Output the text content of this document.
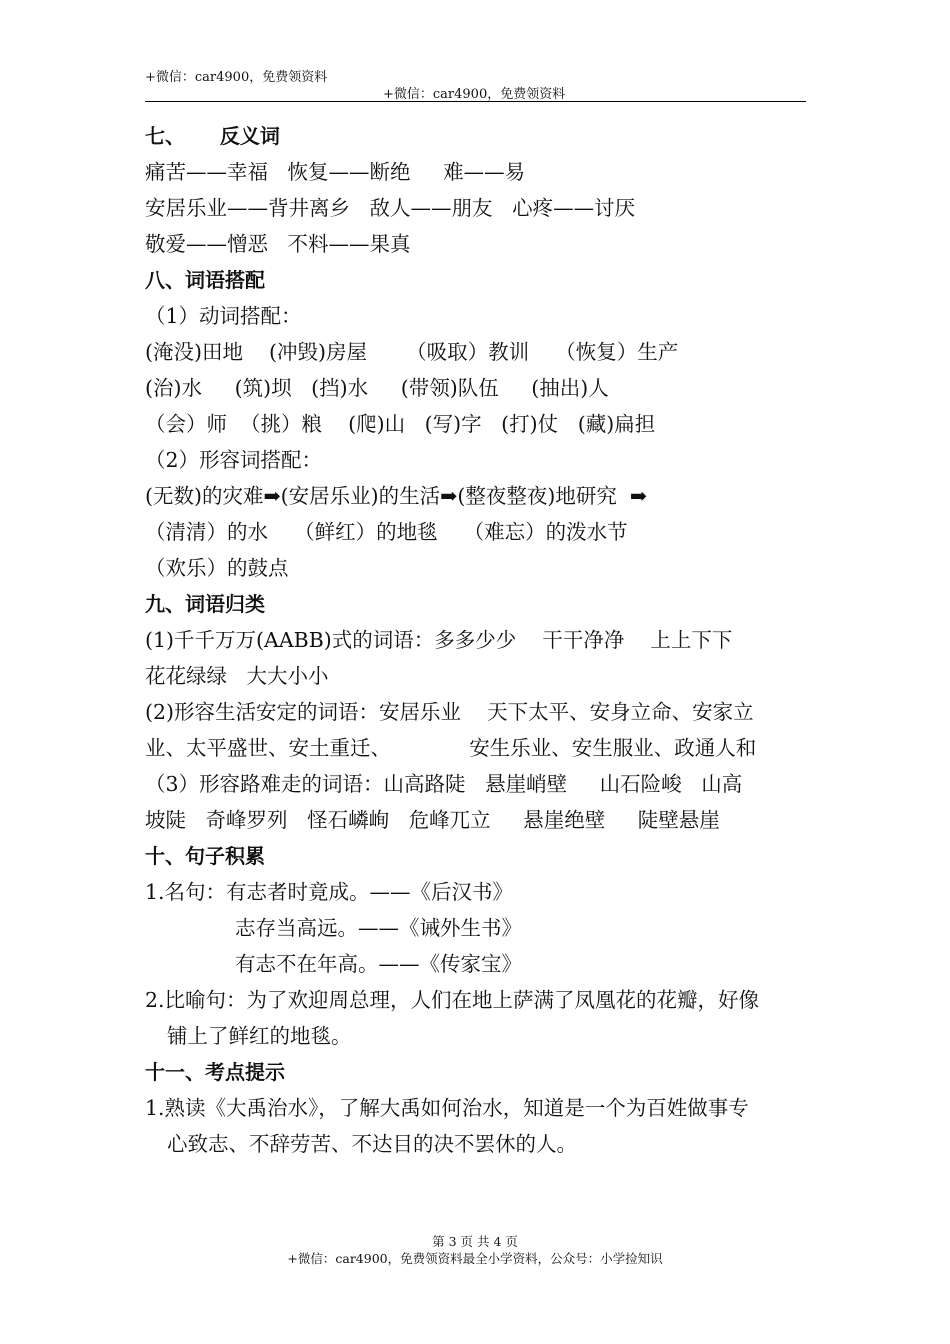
+微信：car4900，免费领资料
+微信：car4900，免费领资料
七、     反义词
痛苦——幸福   恢复——断绝     难——易
安居乐业——背井离乡   敌人——朋友   心疼——讨厌
敬爱——憎恶   不料——果真
八、词语搭配
（1）动词搭配：
(淹没)田地    (冲毁)房屋      （吸取）教训    （恢复）生产
(治)水     (筑)坝   (挡)水     (带领)队伍     (抽出)人
（会）师  （挑）粮    (爬)山   (写)字   (打)仗   (藏)扁担
（2）形容词搭配：
(无数)的灾难➡(安居乐业)的生活➡(整夜整夜)地研究  ➡
（清清）的水    （鲜红）的地毯    （难忘）的泼水节
（欢乐）的鼓点
九、词语归类
(1)千千万万(AABB)式的词语：多多少少    干干净净    上上下下
花花绿绿   大大小小
(2)形容生活安定的词语：安居乐业    天下太平、安身立命、安家立
业、太平盛世、安土重迁、            安生乐业、安生服业、政通人和
（3）形容路难走的词语：山高路陡   悬崖峭壁     山石险峻   山高
坡陡   奇峰罗列   怪石嶙峋   危峰兀立     悬崖绝壁     陡壁悬崖
十、句子积累
1.名句：有志者时竟成。——《后汉书》
志存当高远。——《诫外生书》
有志不在年高。——《传家宝》
2.比喻句：为了欢迎周总理，人们在地上萨满了凤凰花的花瓣，好像
铺上了鲜红的地毯。
十一、考点提示
1.熟读《大禹治水》，了解大禹如何治水，知道是一个为百姓做事专
心致志、不辞劳苦、不达目的决不罢休的人。
第 3 页 共 4 页
+微信：car4900，免费领资料最全小学资料，公众号：小学捡知识
